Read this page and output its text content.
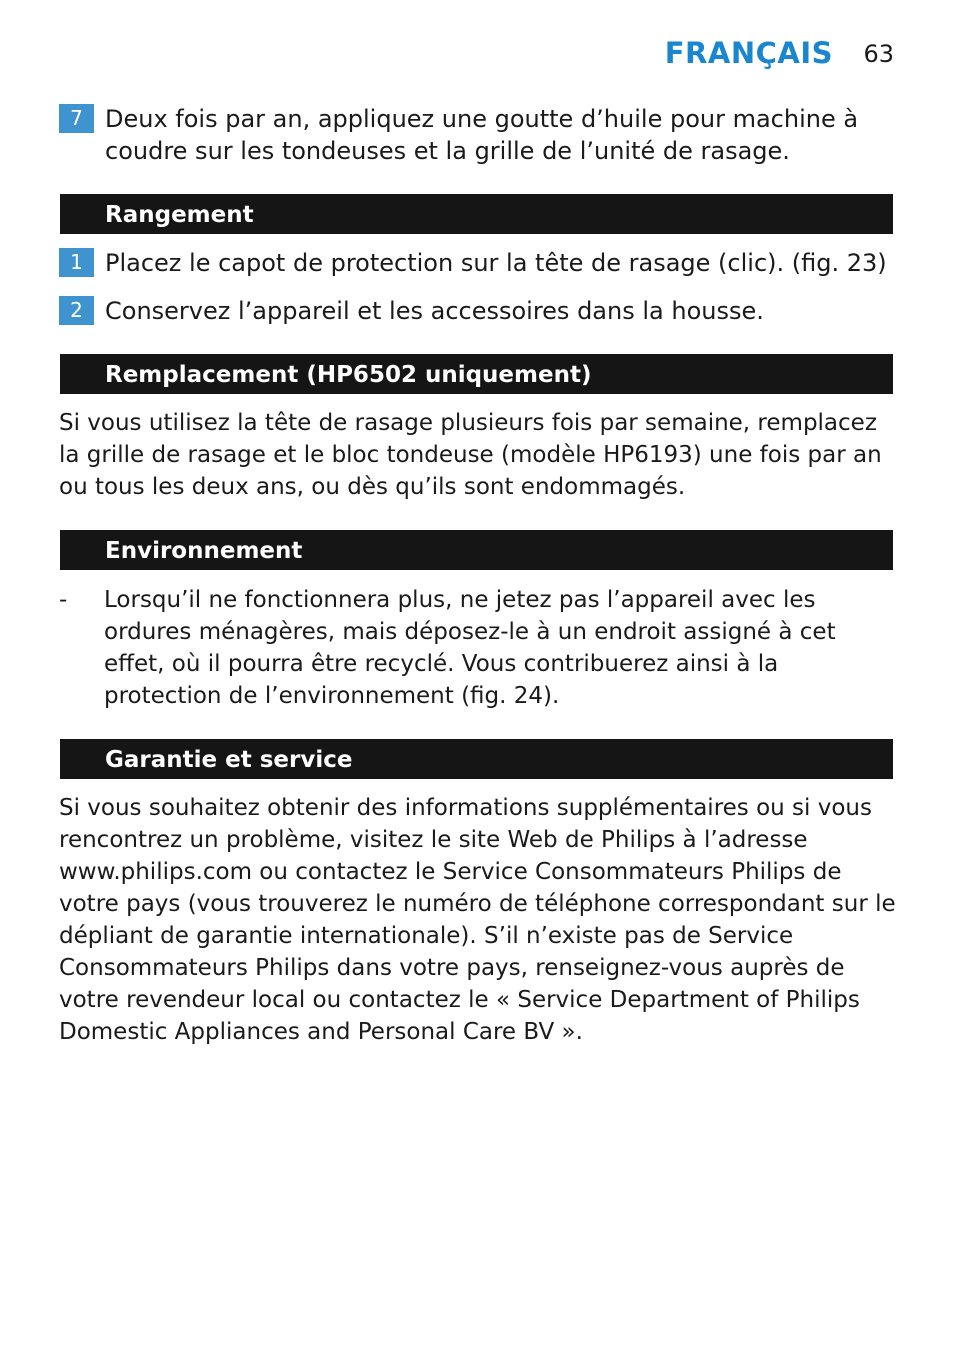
FRANÇAIS 63
7 Deux fois par an, appliquez une goutte d’huile pour machine à coudre sur les tondeuses et la grille de l’unité de rasage.
Rangement
1 Placez le capot de protection sur la tête de rasage (clic). (fig. 23)
2 Conservez l’appareil et les accessoires dans la housse.
Remplacement (HP6502 uniquement)
Si vous utilisez la tête de rasage plusieurs fois par semaine, remplacez la grille de rasage et le bloc tondeuse (modèle HP6193) une fois par an ou tous les deux ans, ou dès qu’ils sont endommagés.
Environnement
- Lorsqu’il ne fonctionnera plus, ne jetez pas l’appareil avec les ordures ménagères, mais déposez-le à un endroit assigné à cet effet, où il pourra être recyclé. Vous contribuerez ainsi à la protection de l’environnement (fig. 24).
Garantie et service
Si vous souhaitez obtenir des informations supplémentaires ou si vous rencontrez un problème, visitez le site Web de Philips à l’adresse www.philips.com ou contactez le Service Consommateurs Philips de votre pays (vous trouverez le numéro de téléphone correspondant sur le dépliant de garantie internationale). S’il n’existe pas de Service Consommateurs Philips dans votre pays, renseignez-vous auprès de votre revendeur local ou contactez le « Service Department of Philips Domestic Appliances and Personal Care BV ».
